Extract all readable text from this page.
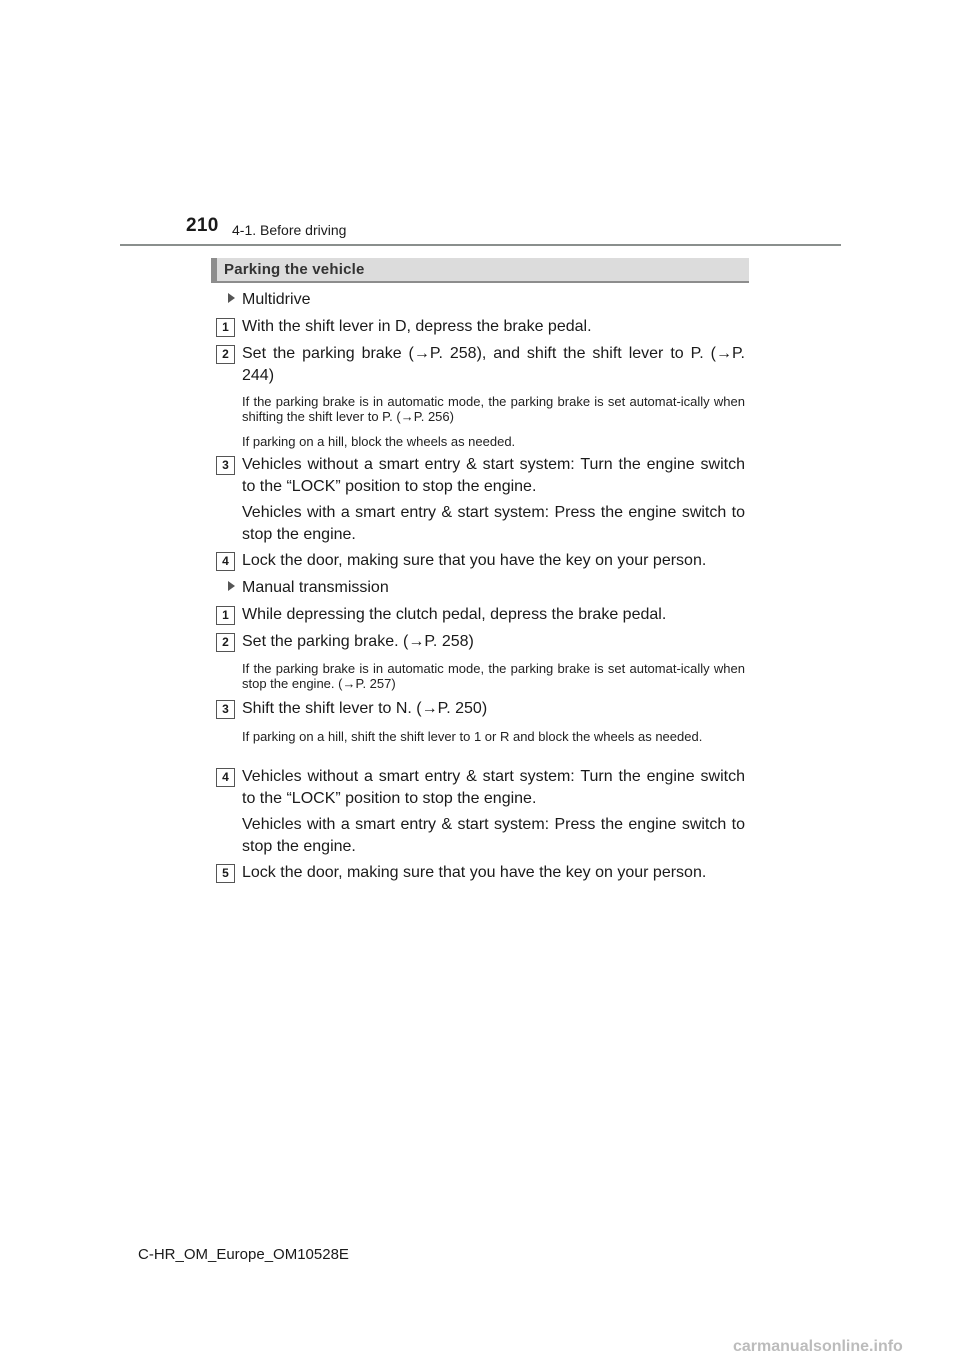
210 4-1. Before driving
Parking the vehicle
Multidrive
1 With the shift lever in D, depress the brake pedal.
2 Set the parking brake (→P. 258), and shift the shift lever to P. (→P. 244)
If the parking brake is in automatic mode, the parking brake is set automat-ically when shifting the shift lever to P. (→P. 256)
If parking on a hill, block the wheels as needed.
3 Vehicles without a smart entry & start system: Turn the engine switch to the “LOCK” position to stop the engine.
Vehicles with a smart entry & start system: Press the engine switch to stop the engine.
4 Lock the door, making sure that you have the key on your person.
Manual transmission
1 While depressing the clutch pedal, depress the brake pedal.
2 Set the parking brake. (→P. 258)
If the parking brake is in automatic mode, the parking brake is set automat-ically when stop the engine. (→P. 257)
3 Shift the shift lever to N. (→P. 250)
If parking on a hill, shift the shift lever to 1 or R and block the wheels as needed.
4 Vehicles without a smart entry & start system: Turn the engine switch to the “LOCK” position to stop the engine.
Vehicles with a smart entry & start system: Press the engine switch to stop the engine.
5 Lock the door, making sure that you have the key on your person.
C-HR_OM_Europe_OM10528E
carmanualsonline.info
